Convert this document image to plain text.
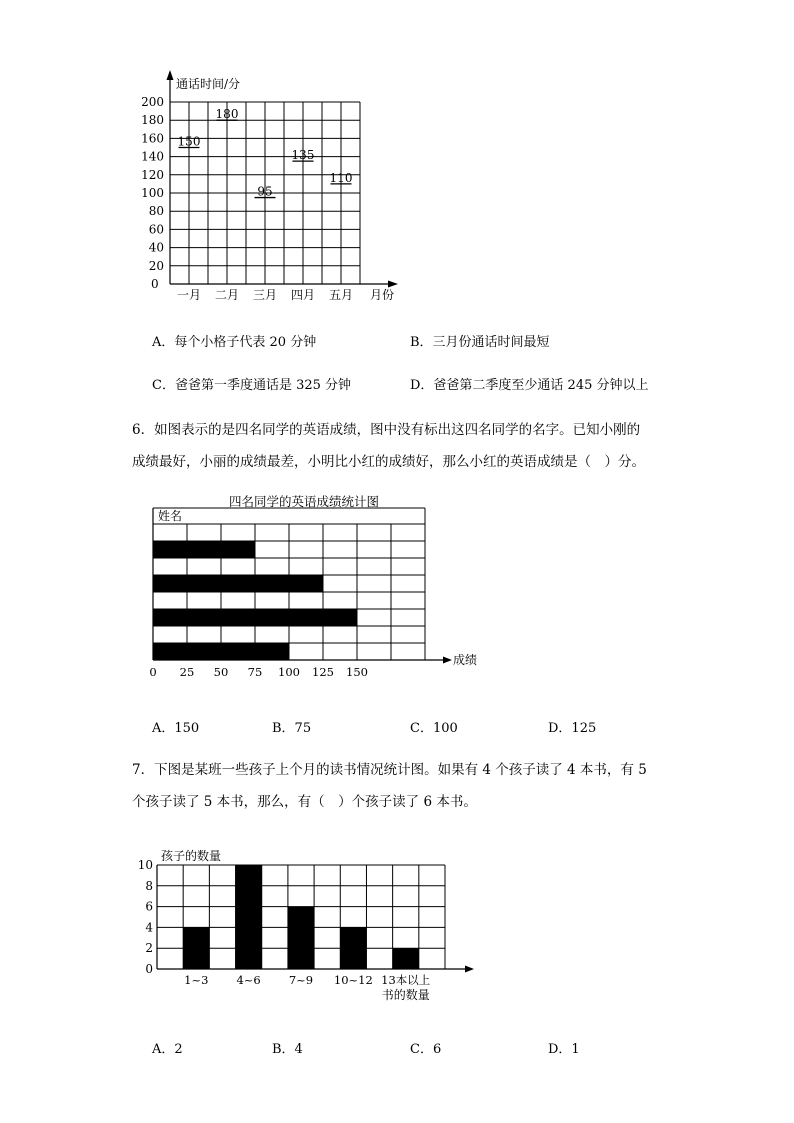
通话时间/分
月份
0
20
40
60
80
100
120
140
160
180
200
一月
150
二月
180
三月
95
四月
135
五月
110
A．每个小格子代表 20 分钟	B．三月份通话时间最短
C．爸爸第一季度通话是 325 分钟	D．爸爸第二季度至少通话 245 分钟以上
6．如图表示的是四名同学的英语成绩，图中没有标出这四名同学的名字。已知小刚的
成绩最好，小丽的成绩最差，小明比小红的成绩好，那么小红的英语成绩是（　）分。
四名同学的英语成绩统计图
姓名
成绩
0 25 50 75 100 125 150
A．150	B．75	C．100	D．125
7．下图是某班一些孩子上个月的读书情况统计图。如果有 4 个孩子读了 4 本书，有 5
个孩子读了 5 本书，那么，有（　）个孩子读了 6 本书。
孩子的数量
0
2
4
6
8
10
1~3 4~6 7~9 10~12 13本以上
书的数量
A．2	B．4	C．6	D．1
